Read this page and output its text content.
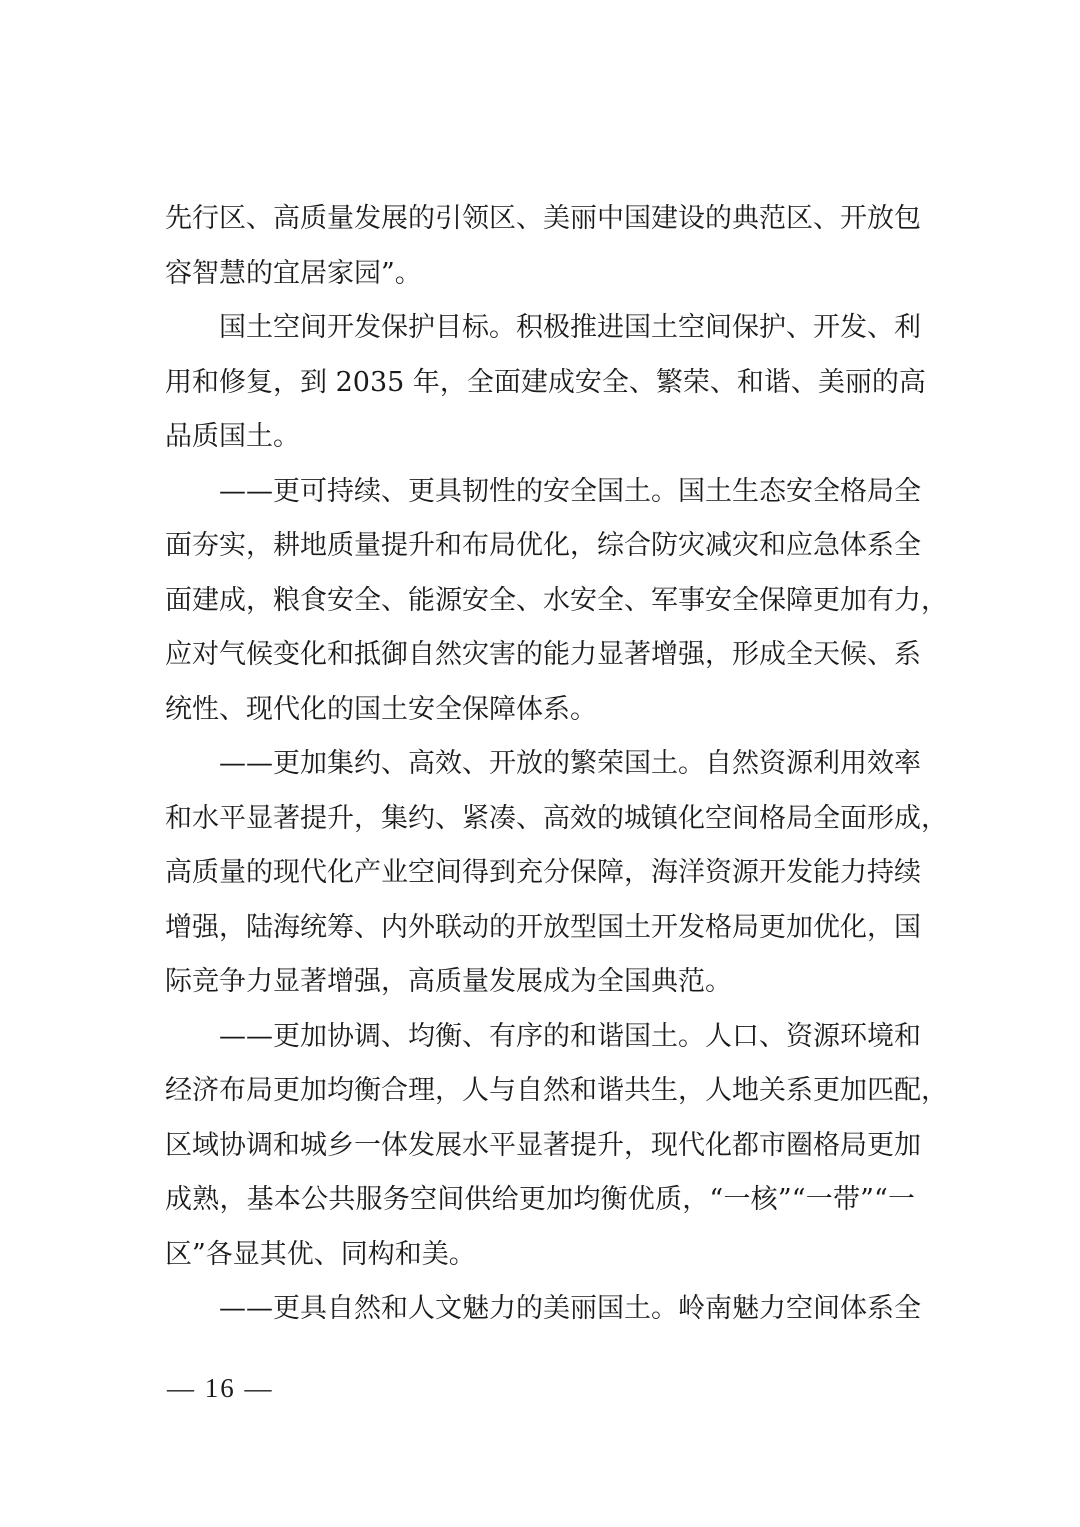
先行区、高质量发展的引领区、美丽中国建设的典范区、开放包
容智慧的宜居家园”。
　　国土空间开发保护目标。积极推进国土空间保护、开发、利
用和修复，到 2035 年，全面建成安全、繁荣、和谐、美丽的高
品质国土。
　　——更可持续、更具韧性的安全国土。国土生态安全格局全
面夯实，耕地质量提升和布局优化，综合防灾减灾和应急体系全
面建成，粮食安全、能源安全、水安全、军事安全保障更加有力，
应对气候变化和抵御自然灾害的能力显著增强，形成全天候、系
统性、现代化的国土安全保障体系。
　　——更加集约、高效、开放的繁荣国土。自然资源利用效率
和水平显著提升，集约、紧凑、高效的城镇化空间格局全面形成，
高质量的现代化产业空间得到充分保障，海洋资源开发能力持续
增强，陆海统筹、内外联动的开放型国土开发格局更加优化，国
际竞争力显著增强，高质量发展成为全国典范。
　　——更加协调、均衡、有序的和谐国土。人口、资源环境和
经济布局更加均衡合理，人与自然和谐共生，人地关系更加匹配，
区域协调和城乡一体发展水平显著提升，现代化都市圈格局更加
成熟，基本公共服务空间供给更加均衡优质，“一核”“一带”“一
区”各显其优、同构和美。
　　——更具自然和人文魅力的美丽国土。岭南魅力空间体系全
— 16 —
